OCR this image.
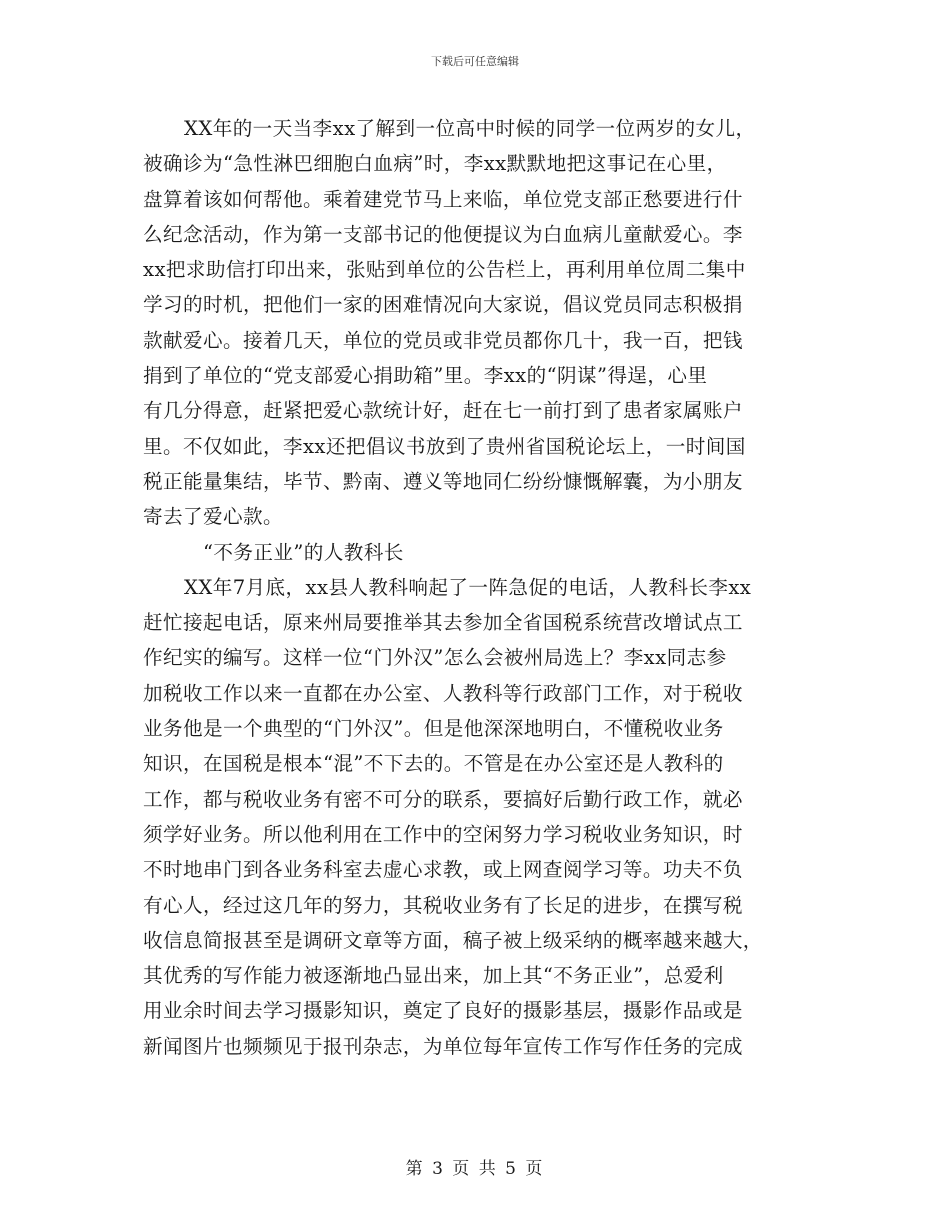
下载后可任意编辑

XX年的一天当李xx了解到一位高中时候的同学一位两岁的女儿，
被确诊为“急性淋巴细胞白血病”时，李xx默默地把这事记在心里，
盘算着该如何帮他。乘着建党节马上来临，单位党支部正愁要进行什
么纪念活动，作为第一支部书记的他便提议为白血病儿童献爱心。李
xx把求助信打印出来，张贴到单位的公告栏上，再利用单位周二集中
学习的时机，把他们一家的困难情况向大家说，倡议党员同志积极捐
款献爱心。接着几天，单位的党员或非党员都你几十，我一百，把钱
捐到了单位的“党支部爱心捐助箱”里。李xx的“阴谋”得逞，心里
有几分得意，赶紧把爱心款统计好，赶在七一前打到了患者家属账户
里。不仅如此，李xx还把倡议书放到了贵州省国税论坛上，一时间国
税正能量集结，毕节、黔南、遵义等地同仁纷纷慷慨解囊，为小朋友
寄去了爱心款。

“不务正业”的人教科长

XX年7月底，xx县人教科响起了一阵急促的电话，人教科长李xx
赶忙接起电话，原来州局要推举其去参加全省国税系统营改增试点工
作纪实的编写。这样一位“门外汉”怎么会被州局选上？李xx同志参
加税收工作以来一直都在办公室、人教科等行政部门工作，对于税收
业务他是一个典型的“门外汉”。但是他深深地明白，不懂税收业务
知识，在国税是根本“混”不下去的。不管是在办公室还是人教科的
工作，都与税收业务有密不可分的联系，要搞好后勤行政工作，就必
须学好业务。所以他利用在工作中的空闲努力学习税收业务知识，时
不时地串门到各业务科室去虚心求教，或上网查阅学习等。功夫不负
有心人，经过这几年的努力，其税收业务有了长足的进步，在撰写税
收信息简报甚至是调研文章等方面，稿子被上级采纳的概率越来越大，
其优秀的写作能力被逐渐地凸显出来，加上其“不务正业”，总爱利
用业余时间去学习摄影知识，奠定了良好的摄影基层，摄影作品或是
新闻图片也频频见于报刊杂志，为单位每年宣传工作写作任务的完成

第 3 页 共 5 页
